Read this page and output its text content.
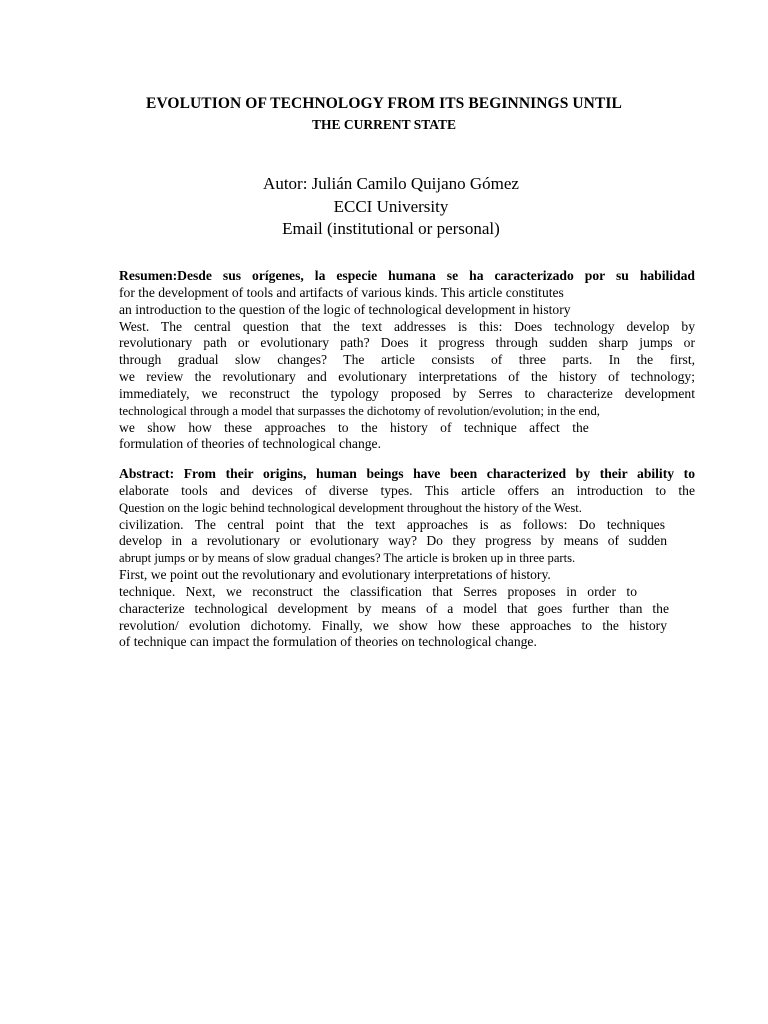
EVOLUTION OF TECHNOLOGY FROM ITS BEGINNINGS UNTIL
THE CURRENT STATE
Autor: Julián Camilo Quijano Gómez
ECCI University
Email (institutional or personal)
Resumen:Desde sus orígenes, la especie humana se ha caracterizado por su habilidad
for the development of tools and artifacts of various kinds. This article constitutes
an introduction to the question of the logic of technological development in history
West. The central question that the text addresses is this: Does technology develop by
revolutionary path or evolutionary path? Does it progress through sudden sharp jumps or
through gradual slow changes? The article consists of three parts. In the first,
we review the revolutionary and evolutionary interpretations of the history of technology;
immediately, we reconstruct the typology proposed by Serres to characterize development
technological through a model that surpasses the dichotomy of revolution/evolution; in the end,
we show how these approaches to the history of technique affect the
formulation of theories of technological change.
Abstract: From their origins, human beings have been characterized by their ability to
elaborate tools and devices of diverse types. This article offers an introduction to the
Question on the logic behind technological development throughout the history of the West.
civilization. The central point that the text approaches is as follows: Do techniques
develop in a revolutionary or evolutionary way? Do they progress by means of sudden
abrupt jumps or by means of slow gradual changes? The article is broken up in three parts.
First, we point out the revolutionary and evolutionary interpretations of history.
technique. Next, we reconstruct the classification that Serres proposes in order to
characterize technological development by means of a model that goes further than the
revolution/ evolution dichotomy. Finally, we show how these approaches to the history
of technique can impact the formulation of theories on technological change.
